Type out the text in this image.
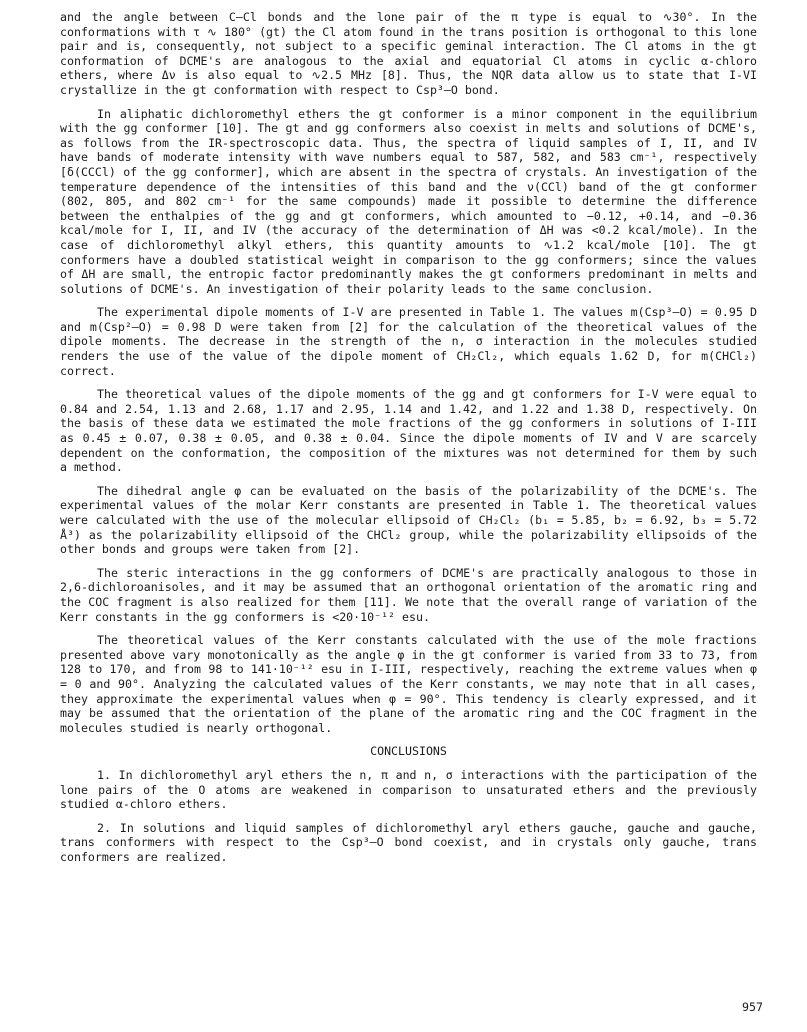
and the angle between C—Cl bonds and the lone pair of the π type is equal to ∿30°. In the conformations with τ ∿ 180° (gt) the Cl atom found in the trans position is orthogonal to this lone pair and is, consequently, not subject to a specific geminal interaction. The Cl atoms in the gt conformation of DCME's are analogous to the axial and equatorial Cl atoms in cyclic α-chloro ethers, where Δν is also equal to ∿2.5 MHz [8]. Thus, the NQR data allow us to state that I-VI crystallize in the gt conformation with respect to Csp³—O bond.

In aliphatic dichloromethyl ethers the gt conformer is a minor component in the equilibrium with the gg conformer [10]. The gt and gg conformers also coexist in melts and solutions of DCME's, as follows from the IR-spectroscopic data. Thus, the spectra of liquid samples of I, II, and IV have bands of moderate intensity with wave numbers equal to 587, 582, and 583 cm⁻¹, respectively [δ(CCCl) of the gg conformer], which are absent in the spectra of crystals. An investigation of the temperature dependence of the intensities of this band and the ν(CCl) band of the gt conformer (802, 805, and 802 cm⁻¹ for the same compounds) made it possible to determine the difference between the enthalpies of the gg and gt conformers, which amounted to −0.12, +0.14, and −0.36 kcal/mole for I, II, and IV (the accuracy of the determination of ΔH was <0.2 kcal/mole). In the case of dichloromethyl alkyl ethers, this quantity amounts to ∿1.2 kcal/mole [10]. The gt conformers have a doubled statistical weight in comparison to the gg conformers; since the values of ΔH are small, the entropic factor predominantly makes the gt conformers predominant in melts and solutions of DCME's. An investigation of their polarity leads to the same conclusion.

The experimental dipole moments of I-V are presented in Table 1. The values m(Csp³—O) = 0.95 D and m(Csp²—O) = 0.98 D were taken from [2] for the calculation of the theoretical values of the dipole moments. The decrease in the strength of the n, σ interaction in the molecules studied renders the use of the value of the dipole moment of CH₂Cl₂, which equals 1.62 D, for m(CHCl₂) correct.

The theoretical values of the dipole moments of the gg and gt conformers for I-V were equal to 0.84 and 2.54, 1.13 and 2.68, 1.17 and 2.95, 1.14 and 1.42, and 1.22 and 1.38 D, respectively. On the basis of these data we estimated the mole fractions of the gg conformers in solutions of I-III as 0.45 ± 0.07, 0.38 ± 0.05, and 0.38 ± 0.04. Since the dipole moments of IV and V are scarcely dependent on the conformation, the composition of the mixtures was not determined for them by such a method.

The dihedral angle φ can be evaluated on the basis of the polarizability of the DCME's. The experimental values of the molar Kerr constants are presented in Table 1. The theoretical values were calculated with the use of the molecular ellipsoid of CH₂Cl₂ (b₁ = 5.85, b₂ = 6.92, b₃ = 5.72 Å³) as the polarizability ellipsoid of the CHCl₂ group, while the polarizability ellipsoids of the other bonds and groups were taken from [2].

The steric interactions in the gg conformers of DCME's are practically analogous to those in 2,6-dichloroanisoles, and it may be assumed that an orthogonal orientation of the aromatic ring and the COC fragment is also realized for them [11]. We note that the overall range of variation of the Kerr constants in the gg conformers is <20·10⁻¹² esu.

The theoretical values of the Kerr constants calculated with the use of the mole fractions presented above vary monotonically as the angle φ in the gt conformer is varied from 33 to 73, from 128 to 170, and from 98 to 141·10⁻¹² esu in I-III, respectively, reaching the extreme values when φ = 0 and 90°. Analyzing the calculated values of the Kerr constants, we may note that in all cases, they approximate the experimental values when φ = 90°. This tendency is clearly expressed, and it may be assumed that the orientation of the plane of the aromatic ring and the COC fragment in the molecules studied is nearly orthogonal.

CONCLUSIONS

1. In dichloromethyl aryl ethers the n, π and n, σ interactions with the participation of the lone pairs of the O atoms are weakened in comparison to unsaturated ethers and the previously studied α-chloro ethers.

2. In solutions and liquid samples of dichloromethyl aryl ethers gauche, gauche and gauche, trans conformers with respect to the Csp³—O bond coexist, and in crystals only gauche, trans conformers are realized.

957
